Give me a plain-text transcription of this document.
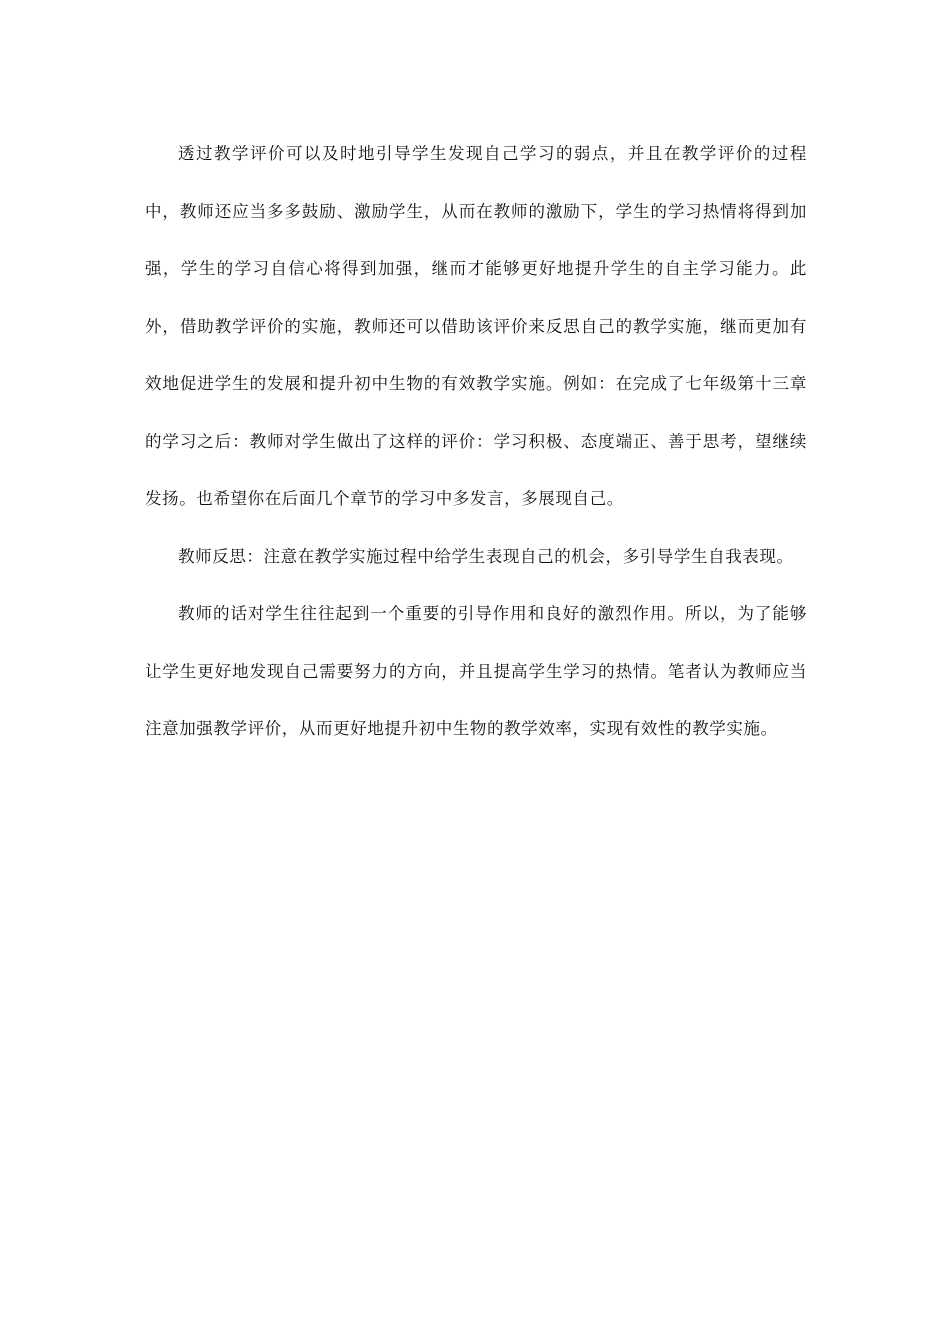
透过教学评价可以及时地引导学生发现自己学习的弱点，并且在教学评价的过程中，教师还应当多多鼓励、激励学生，从而在教师的激励下，学生的学习热情将得到加强，学生的学习自信心将得到加强，继而才能够更好地提升学生的自主学习能力。此外，借助教学评价的实施，教师还可以借助该评价来反思自己的教学实施，继而更加有效地促进学生的发展和提升初中生物的有效教学实施。例如：在完成了七年级第十三章的学习之后：教师对学生做出了这样的评价：学习积极、态度端正、善于思考，望继续发扬。也希望你在后面几个章节的学习中多发言，多展现自己。

教师反思：注意在教学实施过程中给学生表现自己的机会，多引导学生自我表现。

教师的话对学生往往起到一个重要的引导作用和良好的激烈作用。所以，为了能够让学生更好地发现自己需要努力的方向，并且提高学生学习的热情。笔者认为教师应当注意加强教学评价，从而更好地提升初中生物的教学效率，实现有效性的教学实施。
